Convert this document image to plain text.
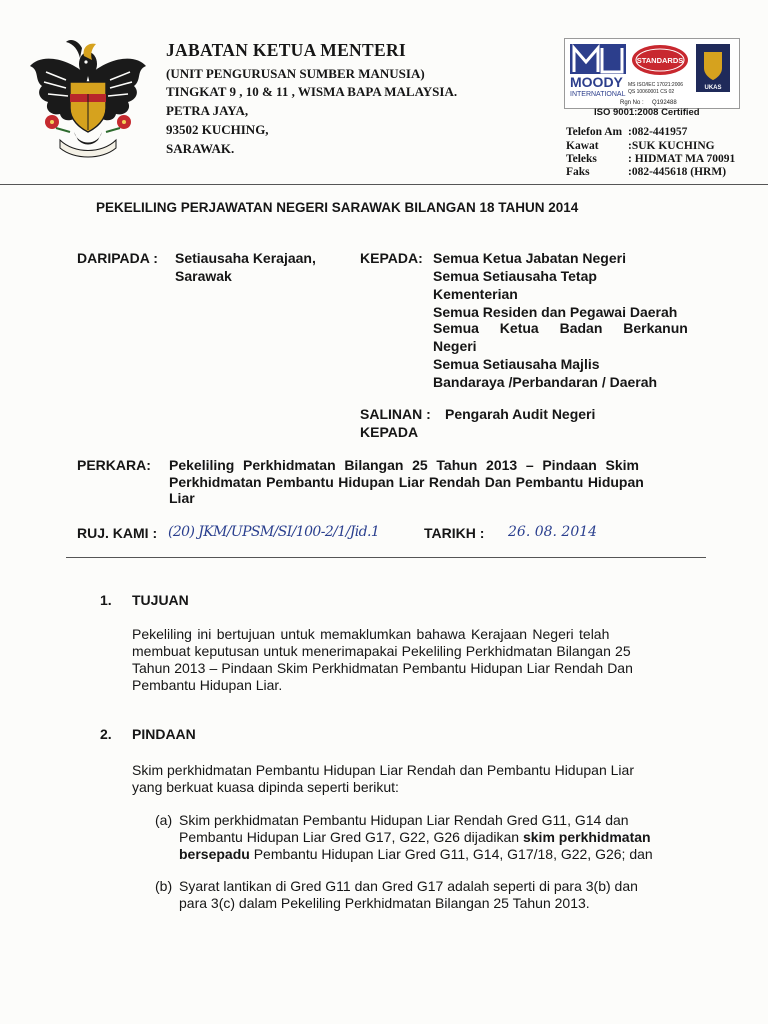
JABATAN KETUA MENTERI
(UNIT PENGURUSAN SUMBER MANUSIA)
TINGKAT 9 , 10 & 11 , WISMA BAPA MALAYSIA.
PETRA JAYA,
93502 KUCHING,
SARAWAK.
MOODY
INTERNATIONAL
STANDARDS
MS ISO/IEC 17021:2006
QS 10060001 CS 02
UKAS
Rgn No : Q192488
ISO 9001:2008 Certified
Telefon Am :082-441957
Kawat	:SUK KUCHING
Teleks	: HIDMAT MA 70091
Faks	:082-445618 (HRM)
PEKELILING PERJAWATAN NEGERI SARAWAK BILANGAN 18 TAHUN 2014
DARIPADA : Setiausaha Kerajaan,
Sarawak
KEPADA: Semua Ketua Jabatan Negeri
Semua Setiausaha Tetap
Kementerian
Semua Residen dan Pegawai Daerah
Semua Ketua Badan Berkanun
Negeri
Semua Setiausaha Majlis
Bandaraya /Perbandaran / Daerah
SALINAN : Pengarah Audit Negeri
KEPADA
PERKARA: Pekeliling Perkhidmatan Bilangan 25 Tahun 2013 – Pindaan Skim
Perkhidmatan Pembantu Hidupan Liar Rendah Dan Pembantu Hidupan
Liar
RUJ. KAMI : (20) JKM/UPSM/SI/100-2/1/Jid.1	TARIKH : 26. 08. 2014
1. TUJUAN
Pekeliling ini bertujuan untuk memaklumkan bahawa Kerajaan Negeri telah
membuat keputusan untuk menerimapakai Pekeliling Perkhidmatan Bilangan 25
Tahun 2013 – Pindaan Skim Perkhidmatan Pembantu Hidupan Liar Rendah Dan
Pembantu Hidupan Liar.
2. PINDAAN
Skim perkhidmatan Pembantu Hidupan Liar Rendah dan Pembantu Hidupan Liar
yang berkuat kuasa dipinda seperti berikut:
(a) Skim perkhidmatan Pembantu Hidupan Liar Rendah Gred G11, G14 dan
Pembantu Hidupan Liar Gred G17, G22, G26 dijadikan skim perkhidmatan
bersepadu Pembantu Hidupan Liar Gred G11, G14, G17/18, G22, G26; dan
(b) Syarat lantikan di Gred G11 dan Gred G17 adalah seperti di para 3(b) dan
para 3(c) dalam Pekeliling Perkhidmatan Bilangan 25 Tahun 2013.
